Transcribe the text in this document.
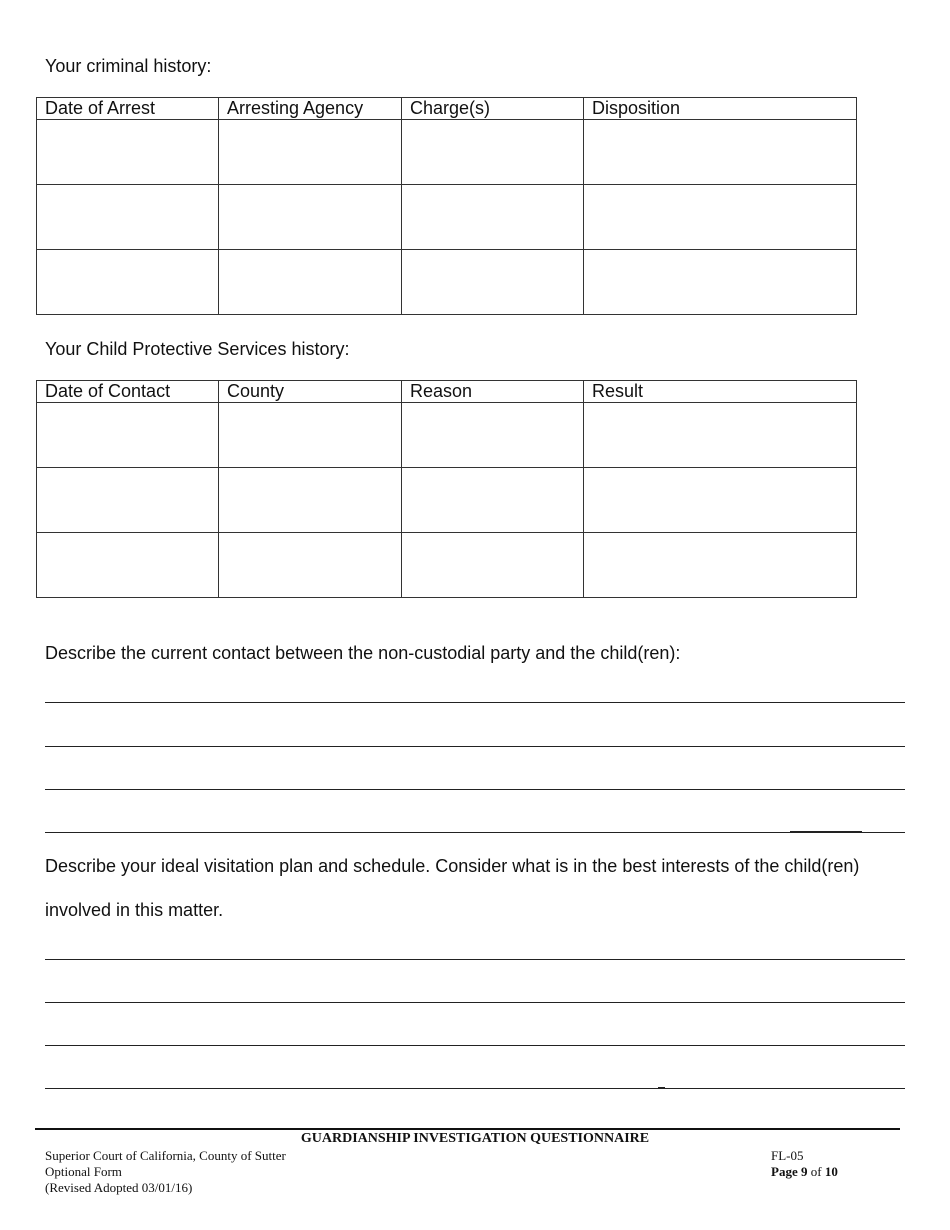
Your criminal history:
Date of Arrest	Arresting Agency	Charge(s)	Disposition

Your Child Protective Services history:
Date of Contact	County	Reason	Result

Describe the current contact between the non-custodial party and the child(ren):
Describe your ideal visitation plan and schedule. Consider what is in the best interests of the child(ren)
involved in this matter.
GUARDIANSHIP INVESTIGATION QUESTIONNAIRE
Superior Court of California, County of Sutter
Optional Form
(Revised Adopted 03/01/16)
FL-05
Page 9 of 10
